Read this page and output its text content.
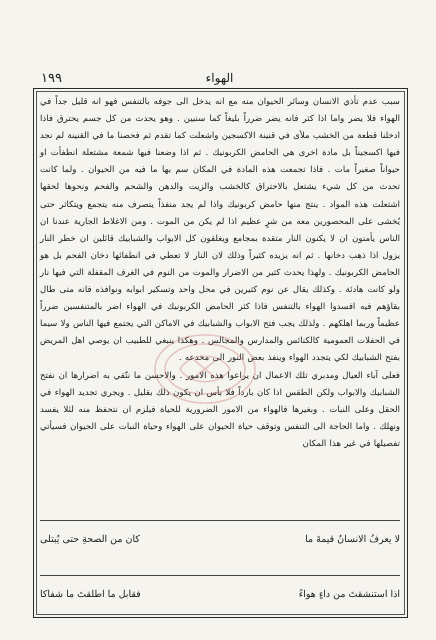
١٩٩	الهواء
سبب عدم تأذي الانسان وسائر الحيوان منه مع انه يدخل الى جوفه بالتنفس فهو انه قليل جداً في الهواء فلا يضر واما اذا كثر فانه يضر ضرراً بليغاً كما سنبين . وهو يحدث من كل جسم يحترق فاذا ادخلنا قطعة من الخشب ملأى في قنينة الاكسجين واشعلت كما تقدم ثم فحصنا ما في القنينة لم نجد فيها اكسجيناً بل مادة اخرى هي الحامض الكربونيك . ثم اذا وضعنا فيها شمعة مشتعلة انطفأت او حيواناً صغيراً مات . فاذا تجمعت هذه المادة في المكان سم بها ما فيه من الحيوان . ولما كانت تحدث من كل شيء يشتعل بالاحتراق كالخشب والزيت والدهن والشحم والفحم ونحوها لحقها اشتعلت هذه المواد . ينتج منها حامض كربونيك واذا لم يجد منفذاً يتصرف منه يتجمع ويتكاثر حتى يُخشى على المحصورين معه من شرٍ عظيم اذا لم يكن من الموت . ومن الاغلاط الجارية عندنا ان الناس يأمنون ان لا يكنون النار متقدة بمجامع ويغلقون كل الابواب والشبابيك قائلين ان خطر النار يزول اذا ذهب دخانها . ثم انه يزيده كثيراً وذلك لان النار لا تعطي في انطفائها دخان الفحم بل هو الحامض الكربونيك . ولهذا يحدث كثير من الاضرار والموت من النوم في الغرف المقفلة التي فيها نار ولو كانت هادئة . وكذلك يقال عن نوم كثيرين في محل واحد وتسكير ابوابه ونوافذه فانه متى طال بقاؤهم فيه افسدوا الهواء بالتنفس فاذا كثر الحامض الكربونيك في الهواء اضر بالمتنفسين ضرراً عظيماً وربما اهلكهم . ولذلك يجب فتح الابواب والشبابيك في الاماكن التي يجتمع فيها الناس ولا سيما في الحفلات العمومية كالكنائس والمدارس والمجالس . وهكذا ينبغي للطبيب ان يوصي اهل المريض بفتح الشبابيك لكي يتجدد الهواء وينفذ بعض النور الى مخدعه .
فعلى آباء العيال ومدبري تلك الاعمال ان يراعوا هذه الامور . والاحسن ما نتّقي به اضرارها ان نفتح الشبابيك والابواب ولكن الطقس اذا كان بارداً فلا بأس ان يكون ذلك بقليل . ويجري تجديد الهواء في الحقل وعلى النبات . وبغيرها فالهواء من الامور الضرورية للحياة فيلزم ان نتحفظ منه لئلا يفسد ونهلك . واما الحاجة الى التنفس وتوقف حياة الحيوان على الهواء وحياة النبات على الحيوان فسيأتي تفصيلها في غير هذا المكان
لا يعرفُ الانسانُ قيمةَ ما
كان من الصحةِ حتى يُبتلى
اذا استنشقتَ من داءٍ هواءً
فقابل ما اطلقتَ ما شفاكا
